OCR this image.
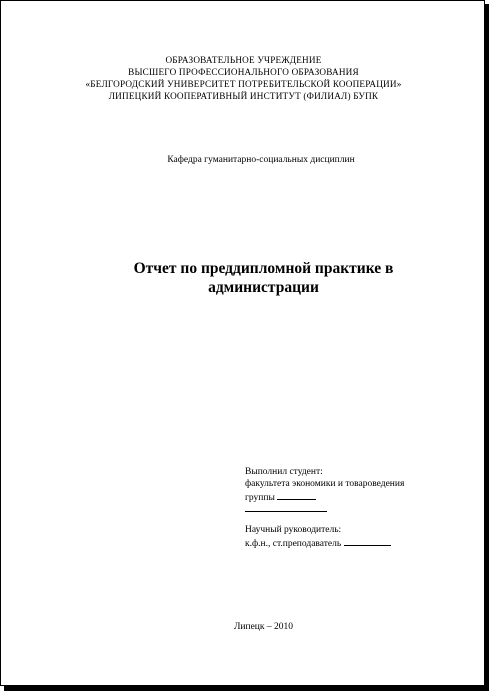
ОБРАЗОВАТЕЛЬНОЕ УЧРЕЖДЕНИЕ
ВЫСШЕГО ПРОФЕССИОНАЛЬНОГО ОБРАЗОВАНИЯ
«БЕЛГОРОДСКИЙ УНИВЕРСИТЕТ ПОТРЕБИТЕЛЬСКОЙ КООПЕРАЦИИ»
ЛИПЕЦКИЙ КООПЕРАТИВНЫЙ ИНСТИТУТ (ФИЛИАЛ) БУПК
Кафедра гуманитарно-социальных дисциплин
Отчет по преддипломной практике в
администрации
Выполнил студент:
факультета экономики и товароведения
группы
Научный руководитель:
к.ф.н., ст.преподаватель
Липецк – 2010
